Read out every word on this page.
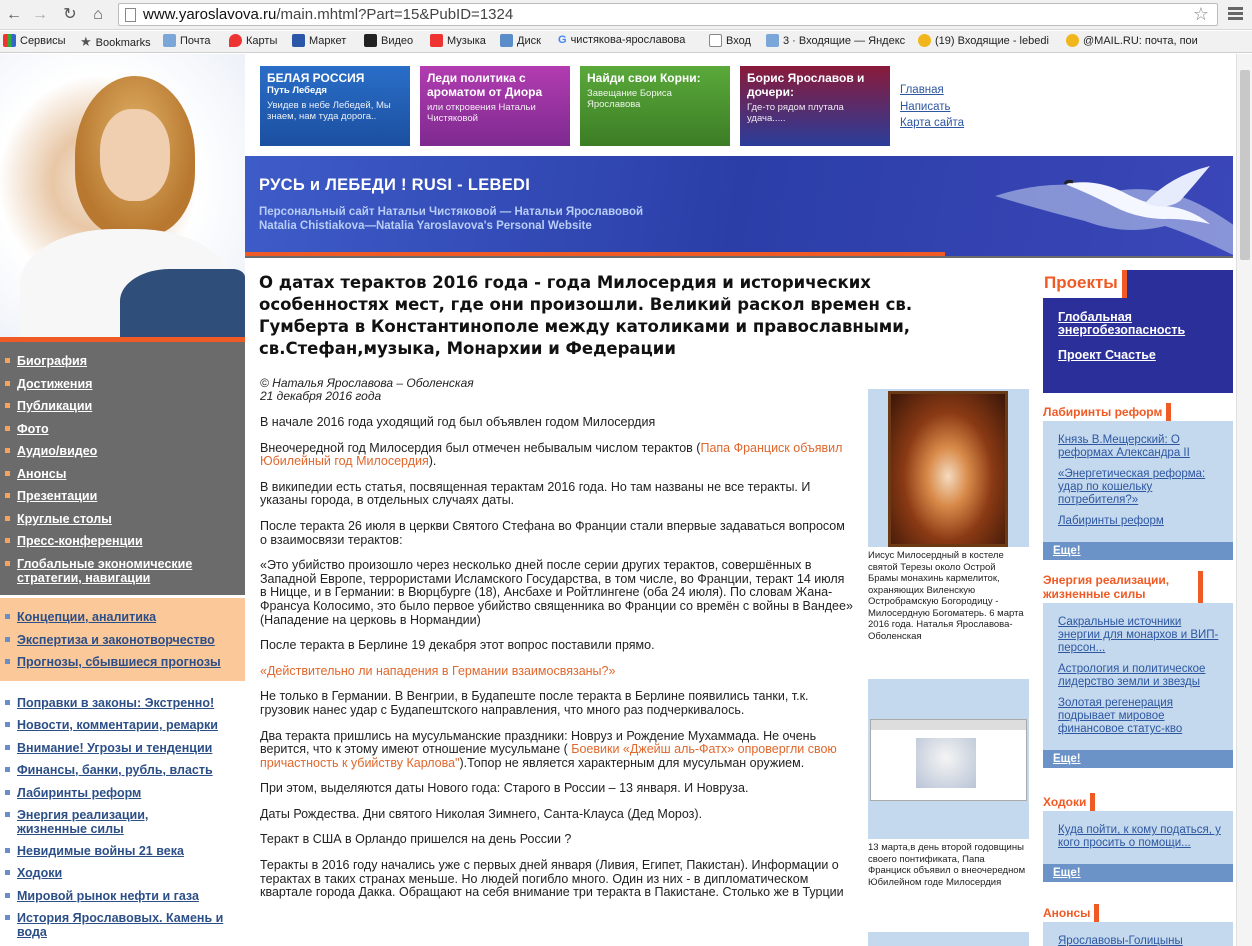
← → ↻	⌂	www.yaroslavova.ru/main.mhtml?Part=15&PubID=1324	☆
Сервисы ★ Bookmarks	Почта	Карты	Маркет	Видео	Музыка	Диск G чистякова-ярославова	Вход	3 · Входящие — Яндекс	(19) Входящие - lebedi	@MAIL.RU: почта, пои
Биография
Достижения
Публикации
Фото
Аудио/видео
Анонсы
Презентации
Круглые столы
Пресс-конференции
Глобальные экономические стратегии, навигации
Концепции, аналитика
Экспертиза и законотворчество
Прогнозы, сбывшиеся прогнозы
Поправки в законы: Экстренно!
Новости, комментарии, ремарки
Внимание! Угрозы и тенденции
Финансы, банки, рубль, власть
Лабиринты реформ
Энергия реализации, жизненные силы
Невидимые войны 21 века
Ходоки
Мировой рынок нефти и газа
История Ярославовых. Камень и вода
БЕЛАЯ РОССИЯ
Путь Лебедя
Увидев в небе Лебедей, Мы знаем, нам туда дорога..
Леди политика с ароматом от Диора
или откровения Натальи Чистяковой
Найди свои Корни:
Завещание Бориса Ярославова
Борис Ярославов и дочери:
Где-то рядом плутала удача.....
Главная
Написать
Карта сайта
РУСЬ и ЛЕБЕДИ ! RUSI - LEBEDI
Персональный сайт Натальи Чистяковой — Натальи Ярославовой
Natalia Chistiakova—Natalia Yaroslavova's Personal Website
О датах терактов 2016 года - года Милосердия и исторических особенностях мест, где они произошли. Великий раскол времен св. Гумберта в Константинополе между католиками и православными, св.Стефан,музыка, Монархии и Федерации
© Наталья Ярославова – Оболенская
21 декабря 2016 года

В начале 2016 года уходящий год был объявлен годом Милосердия

Внеочередной год Милосердия был отмечен небывалым числом терактов (Папа Франциск объявил Юбилейный год Милосердия).

В википедии есть статья, посвященная терактам 2016 года. Но там названы не все теракты. И указаны города, в отдельных случаях даты.

После теракта 26 июля в церкви Святого Стефана во Франции стали впервые задаваться вопросом о взаимосвязи терактов:

«Это убийство произошло через несколько дней после серии других терактов, совершённых в Западной Европе, террористами Исламского Государства, в том числе, во Франции, теракт 14 июля в Ницце, и в Германии: в Вюрцбурге (18), Ансбахе и Ройтлингене (оба 24 июля). По словам Жана-Франсуа Колосимо, это было первое убийство священника во Франции со времён с войны в Вандее» (Нападение на церковь в Нормандии)

После теракта в Берлине 19 декабря этот вопрос поставили прямо.

«Действительно ли нападения в Германии взаимосвязаны?»

Не только в Германии. В Венгрии, в Будапеште после теракта в Берлине появились танки, т.к. грузовик нанес удар с Будапештского направления, что много раз подчеркивалось.

Два теракта пришлись на мусульманские праздники: Новруз и Рождение Мухаммада. Не очень верится, что к этому имеют отношение мусульмане ( Боевики «Джейш аль-Фатх» опровергли свою причастность к убийству Карлова").Топор не является характерным для мусульман оружием.

При этом, выделяются даты Нового года: Старого в России – 13 января. И Новруза.

Даты Рождества. Дни святого Николая Зимнего, Санта-Клауса (Дед Мороз).

Теракт в США в Орландо пришелся на день России ?

Теракты в 2016 году начались уже с первых дней января (Ливия, Египет, Пакистан). Информации о терактах в таких странах меньше. Но людей погибло много. Один из них - в дипломатическом квартале города Дакка. Обращают на себя внимание три теракта в Пакистане. Столько же в Турции

Иисус Милосердный в костеле святой Терезы около Острой Брамы монахинь кармелиток, охраняющих Виленскую Остробрамскую Богородицу - Милосердную Богоматерь. 6 марта 2016 года. Наталья Ярославова-Оболенская
13 марта,в день второй годовщины своего понтификата, Папа Франциск объявил о внеочередном Юбилейном годе Милосердия
Проекты
Глобальная энергобезопасность
Проект Счастье
Лабиринты реформ
Князь В.Мещерский: О реформах Александра II
«Энергетическая реформа: удар по кошельку потребителя?»
Лабиринты реформ
Еще!
Энергия реализации, жизненные силы
Сакральные источники энергии для монархов и ВИП-персон...
Астрология и политическое лидерство земли и звезды
Золотая регенерация подрывает мировое финансовое статус-кво
Еще!
Ходоки
Куда пойти, к кому податься, у кого просить о помощи...
Еще!
Анонсы
Ярославовы-Голицыны
